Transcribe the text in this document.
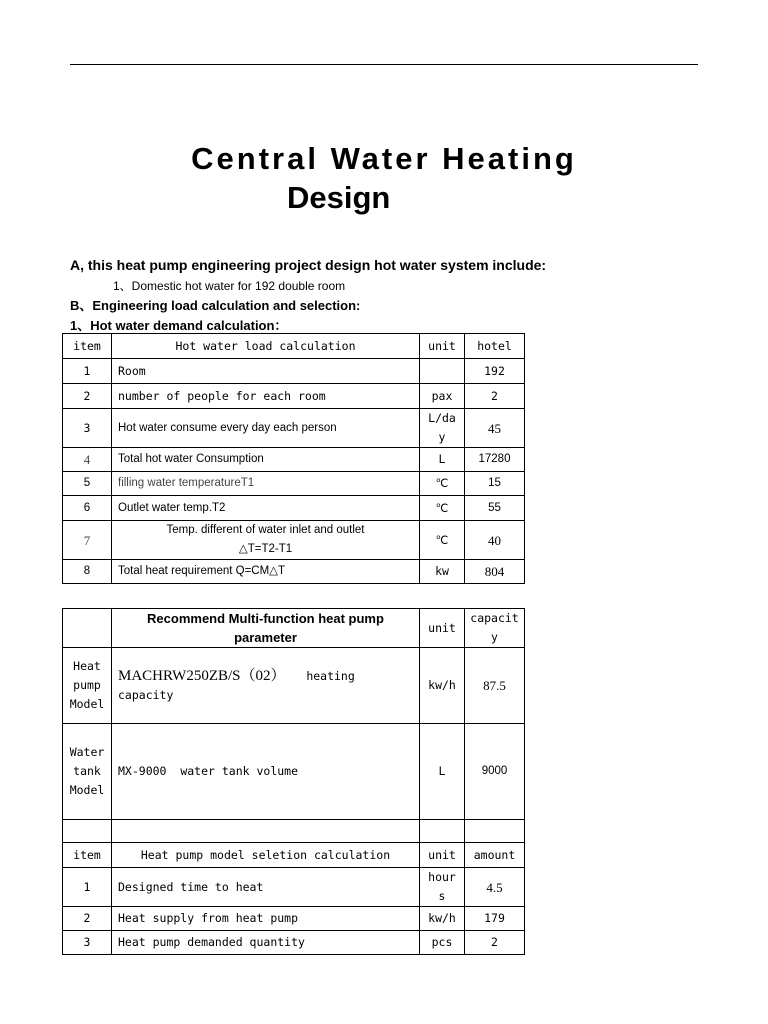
Central Water Heating
Design
A, this heat pump engineering project design hot water system include:
1、Domestic hot water for 192 double room
B、Engineering load calculation and selection:
1、Hot water demand calculation：
item	Hot water load calculation	unit	hotel
1	Room		192
2	number of people for each room	pax	2
3	Hot water consume every day each person	L/day	45
4	Total hot water Consumption	L	17280
5	filling water temperatureT1	℃	15
6	Outlet water temp.T2	℃	55
7	Temp. different of water inlet and outlet
△T=T2-T1	℃	40
8	Total heat requirement Q=CM△T	kw	804
	Recommend Multi-function heat pump parameter	unit	capacity
Heat pump Model	MACHRW250ZB/S（02） heating capacity	kw/h	87.5
Water tank Model	MX-9000 water tank volume	L	9000

item	Heat pump model seletion calculation	unit	amount
1	Designed time to heat	hours	4.5
2	Heat supply from heat pump	kw/h	179
3	Heat pump demanded quantity	pcs	2
